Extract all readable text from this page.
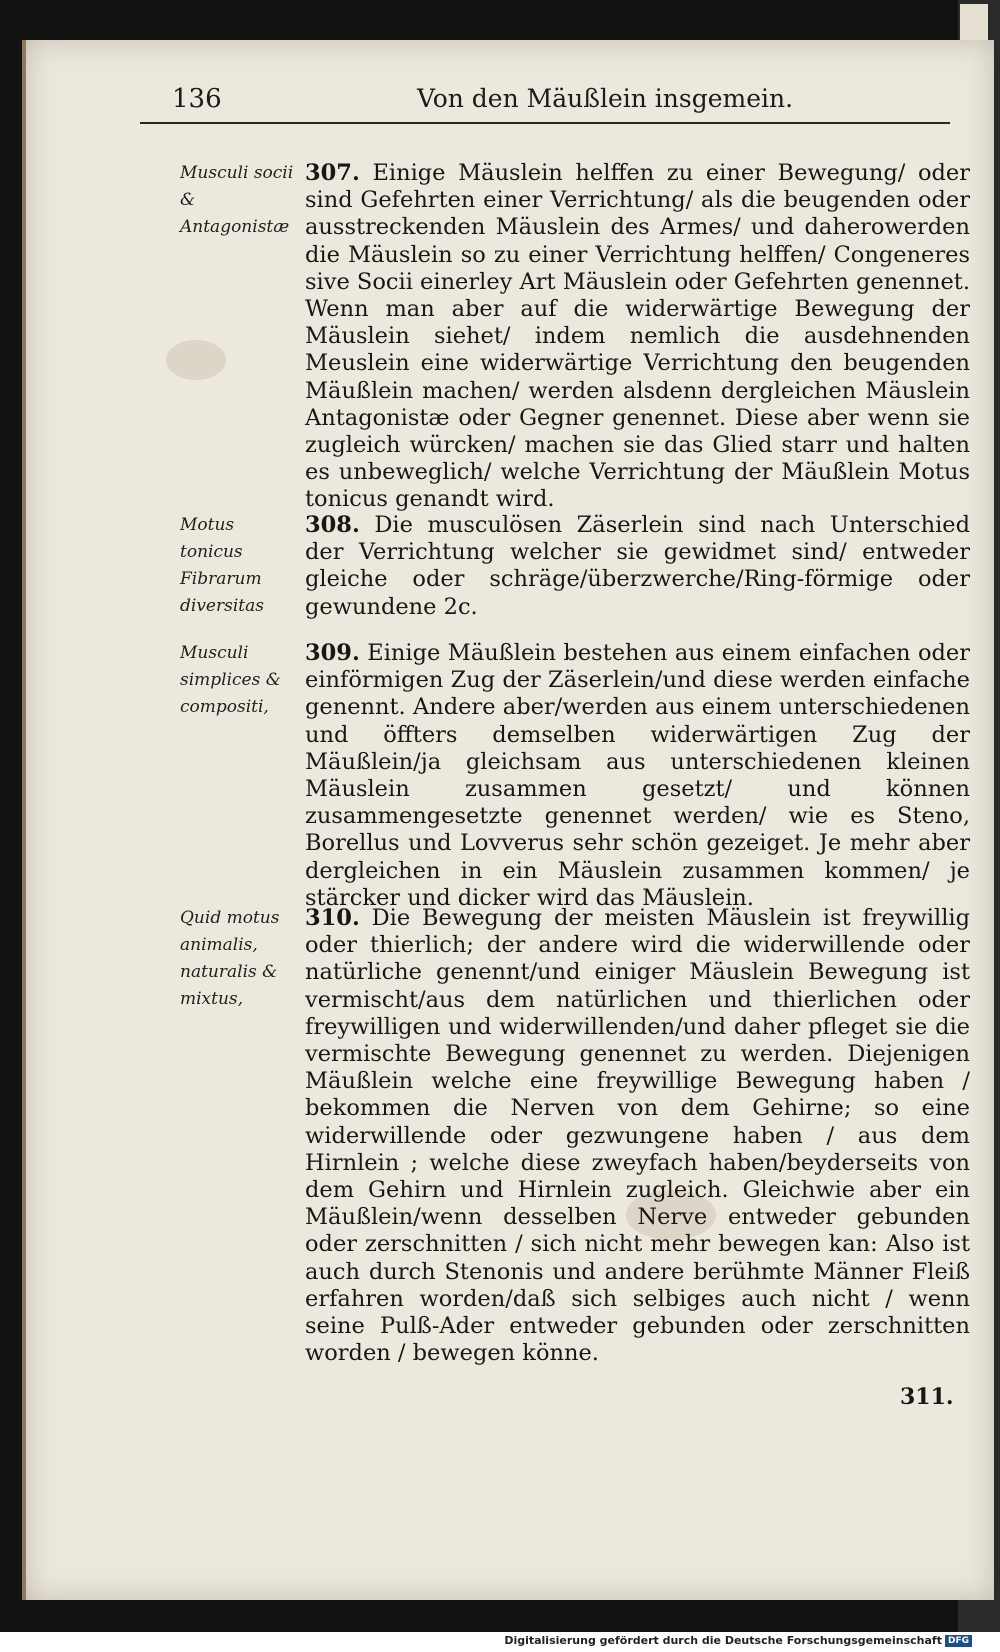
136	Von den Mäußlein insgemein.
Musculi socii & Antagonistæ
307. Einige Mäuslein helffen zu einer Bewegung/ oder sind Gefehrten einer Verrichtung/ als die beugenden oder ausstreckenden Mäuslein des Armes/ und daherowerden die Mäuslein so zu einer Verrichtung helffen/ Congeneres sive Socii einerley Art Mäuslein oder Gefehrten genennet. Wenn man aber auf die widerwärtige Bewegung der Mäuslein siehet/ indem nemlich die ausdehnenden Meuslein eine widerwärtige Verrichtung den beugenden Mäußlein machen/ werden alsdenn dergleichen Mäuslein Antagonistæ oder Gegner genennet. Diese aber wenn sie zugleich würcken/ machen sie das Glied starr und halten es unbeweglich/ welche Verrichtung der Mäußlein Motus tonicus genandt wird.
Motus tonicus Fibrarum diversitas
308. Die musculösen Zäserlein sind nach Unterschied der Verrichtung welcher sie gewidmet sind/ entweder gleiche oder schräge/überzwerche/Ring-förmige oder gewundene 2c.
Musculi simplices & compositi,
309. Einige Mäußlein bestehen aus einem einfachen oder einförmigen Zug der Zäserlein/und diese werden einfache genennt. Andere aber/werden aus einem unterschiedenen und öffters demselben widerwärtigen Zug der Mäußlein/ja gleichsam aus unterschiedenen kleinen Mäuslein zusammen gesetzt/ und können zusammengesetzte genennet werden/ wie es Steno, Borellus und Lovverus sehr schön gezeiget. Je mehr aber dergleichen in ein Mäuslein zusammen kommen/ je stärcker und dicker wird das Mäuslein.
Quid motus animalis, naturalis & mixtus,
310. Die Bewegung der meisten Mäuslein ist freywillig oder thierlich; der andere wird die widerwillende oder natürliche genennt/und einiger Mäuslein Bewegung ist vermischt/aus dem natürlichen und thierlichen oder freywilligen und widerwillenden/und daher pfleget sie die vermischte Bewegung genennet zu werden. Diejenigen Mäußlein welche eine freywillige Bewegung haben / bekommen die Nerven von dem Gehirne; so eine widerwillende oder gezwungene haben / aus dem Hirnlein ; welche diese zweyfach haben/beyderseits von dem Gehirn und Hirnlein zugleich. Gleichwie aber ein Mäußlein/wenn desselben Nerve entweder gebunden oder zerschnitten / sich nicht mehr bewegen kan: Also ist auch durch Stenonis und andere berühmte Männer Fleiß erfahren worden/daß sich selbiges auch nicht / wenn seine Pulß-Ader entweder gebunden oder zerschnitten worden / bewegen könne.
311.
Digitalisierung gefördert durch die Deutsche Forschungsgemeinschaft DFG
